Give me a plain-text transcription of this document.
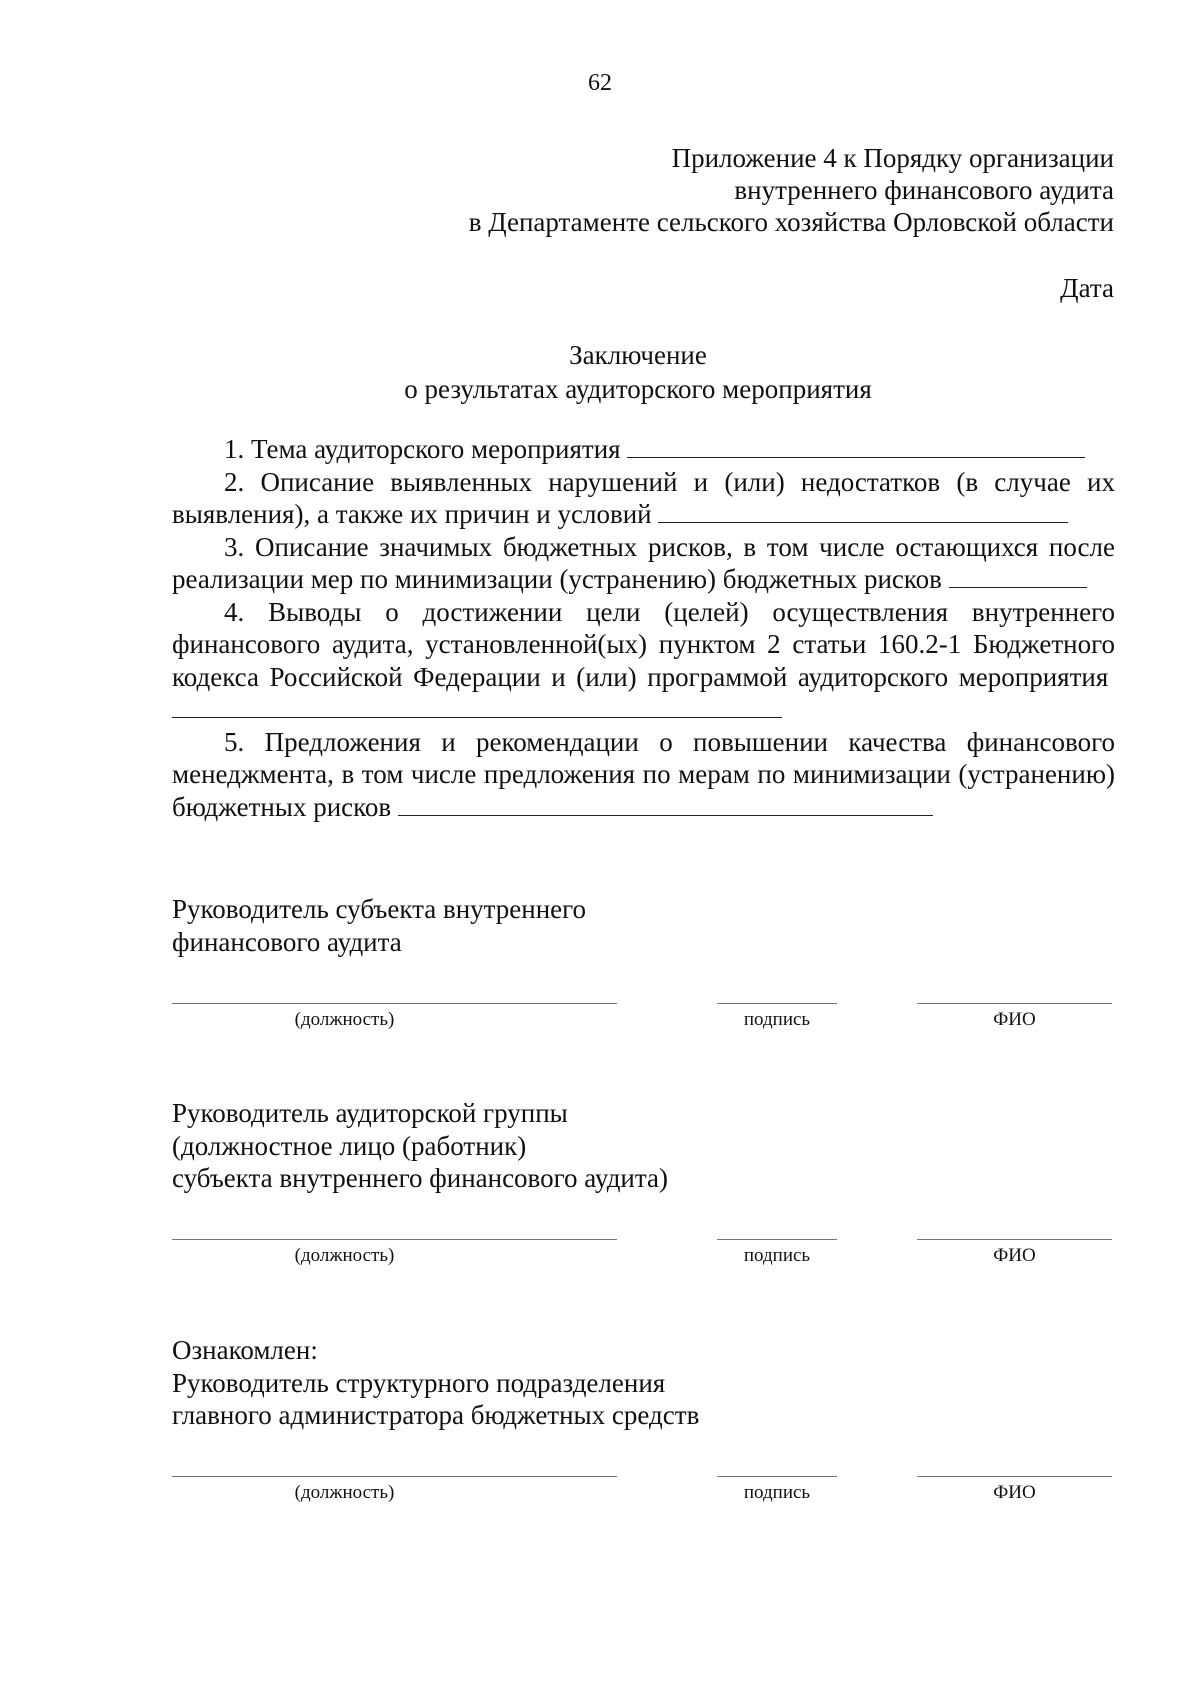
62
Приложение 4 к Порядку организации
внутреннего финансового аудита
в Департаменте сельского хозяйства Орловской области
Дата
Заключение
о результатах аудиторского мероприятия
1. Тема аудиторского мероприятия
2. Описание выявленных нарушений и (или) недостатков (в случае их выявления), а также их причин и условий
3. Описание значимых бюджетных рисков, в том числе остающихся после реализации мер по минимизации (устранению) бюджетных рисков
4. Выводы о достижении цели (целей) осуществления внутреннего финансового аудита, установленной(ых) пунктом 2 статьи 160.2-1 Бюджетного кодекса Российской Федерации и (или) программой аудиторского мероприятия
5. Предложения и рекомендации о повышении качества финансового менеджмента, в том числе предложения по мерам по минимизации (устранению) бюджетных рисков
Руководитель субъекта внутреннего
финансового аудита
(должность)	подпись	ФИО
Руководитель аудиторской группы
(должностное лицо (работник)
субъекта внутреннего финансового аудита)
(должность)	подпись	ФИО
Ознакомлен:
Руководитель структурного подразделения
главного администратора бюджетных средств
(должность)	подпись	ФИО
